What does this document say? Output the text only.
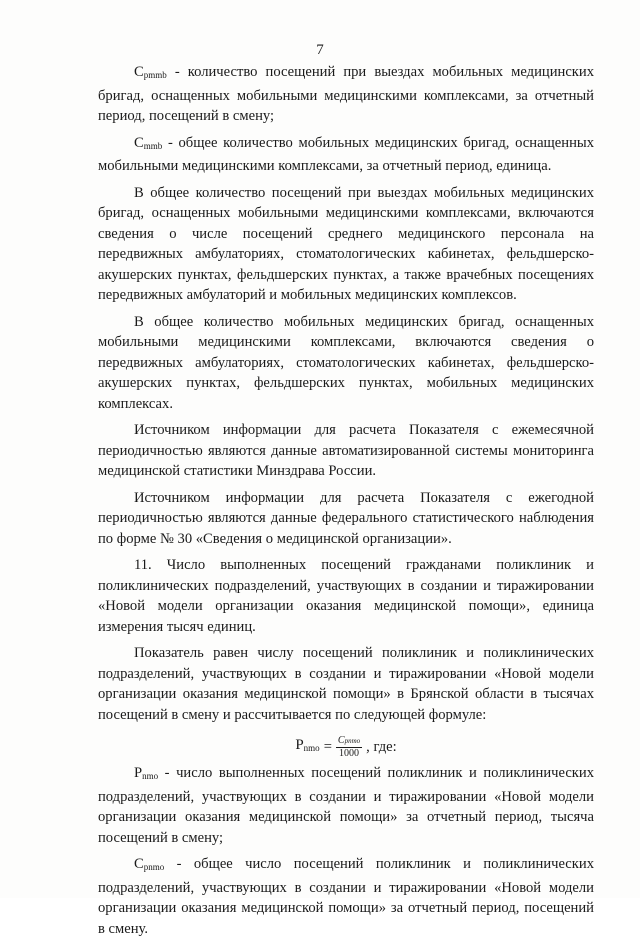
7

$C_{pmmb}$ - количество посещений при выездах мобильных медицинских бригад, оснащенных мобильными медицинскими комплексами, за отчетный период, посещений в смену;

$C_{mmb}$ - общее количество мобильных медицинских бригад, оснащенных мобильными медицинскими комплексами, за отчетный период, единица.

В общее количество посещений при выездах мобильных медицинских бригад, оснащенных мобильными медицинскими комплексами, включаются сведения о числе посещений среднего медицинского персонала на передвижных амбулаториях, стоматологических кабинетах, фельдшерско-акушерских пунктах, фельдшерских пунктах, а также врачебных посещениях передвижных амбулаторий и мобильных медицинских комплексов.

В общее количество мобильных медицинских бригад, оснащенных мобильными медицинскими комплексами, включаются сведения о передвижных амбулаториях, стоматологических кабинетах, фельдшерско-акушерских пунктах, фельдшерских пунктах, мобильных медицинских комплексах.

Источником информации для расчета Показателя с ежемесячной периодичностью являются данные автоматизированной системы мониторинга медицинской статистики Минздрава России.

Источником информации для расчета Показателя с ежегодной периодичностью являются данные федерального статистического наблюдения по форме № 30 «Сведения о медицинской организации».

11. Число выполненных посещений гражданами поликлиник и поликлинических подразделений, участвующих в создании и тиражировании «Новой модели организации оказания медицинской помощи», единица измерения тысяч единиц.

Показатель равен числу посещений поликлиник и поликлинических подразделений, участвующих в создании и тиражировании «Новой модели организации оказания медицинской помощи» в Брянской области в тысячах посещений в смену и рассчитывается по следующей формуле:

$P_{nmo} = \frac{\text{Cpnmo}}{1000}$ , где:

$P_{nmo}$ - число выполненных посещений поликлиник и поликлинических подразделений, участвующих в создании и тиражировании «Новой модели организации оказания медицинской помощи» за отчетный период, тысяча посещений в смену;

$C_{pnmo}$ - общее число посещений поликлиник и поликлинических подразделений, участвующих в создании и тиражировании «Новой модели организации оказания медицинской помощи» за отчетный период, посещений в смену.
